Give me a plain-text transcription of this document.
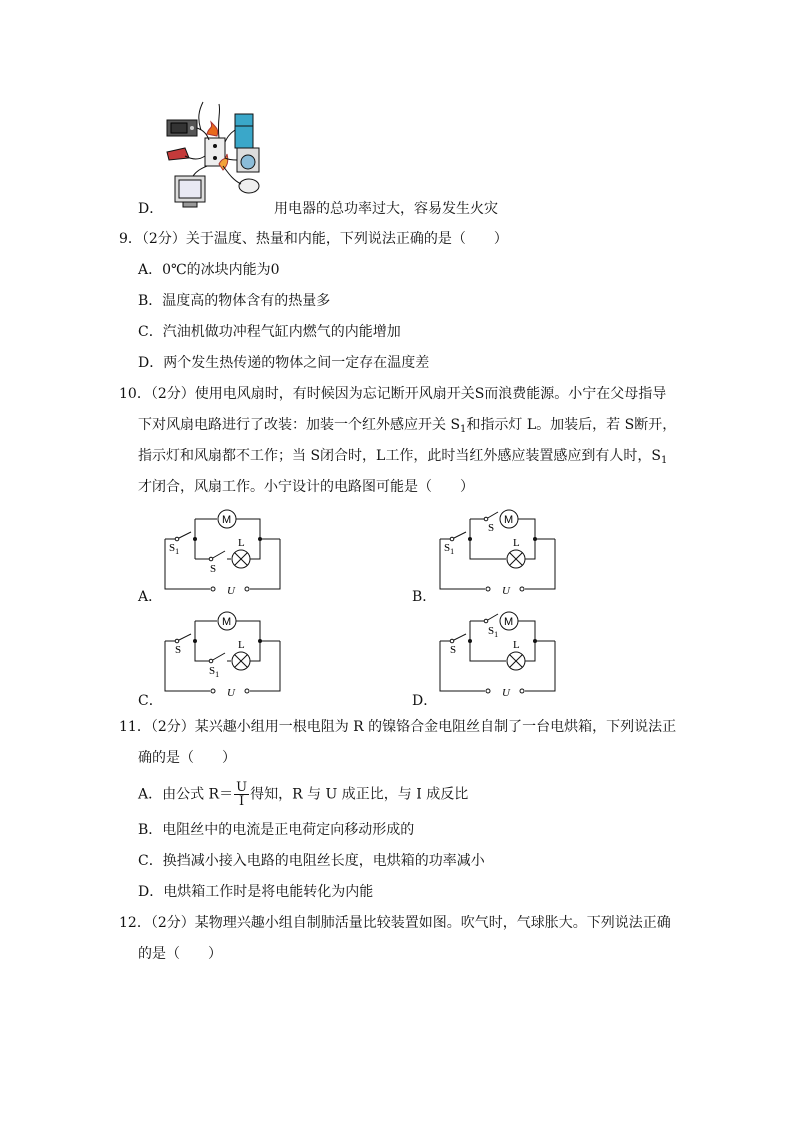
D．	用电器的总功率过大，容易发生火灾
9．（2分）关于温度、热量和内能，下列说法正确的是（　　）
A．0℃的冰块内能为0
B．温度高的物体含有的热量多
C．汽油机做功冲程气缸内燃气的内能增加
D．两个发生热传递的物体之间一定存在温度差
10．（2分）使用电风扇时，有时候因为忘记断开风扇开关S而浪费能源。小宁在父母指导
下对风扇电路进行了改装：加装一个红外感应开关 $S_1$和指示灯 L。加装后，若 S断开，
指示灯和风扇都不工作；当 S闭合时，L工作，此时当红外感应装置感应到有人时，$S_1$
才闭合，风扇工作。小宁设计的电路图可能是（　　）
M
L
$S_1$
S
U
A．
M
L
$S_1$
S
U
B．
M
L
S
$S_1$
U
C．
M
L
S
$S_1$
U
D．
11．（2分）某兴趣小组用一根电阻为 R 的镍铬合金电阻丝自制了一台电烘箱，下列说法正
确的是（　　）
A．由公式 $R= \frac{U}{I}$ 得知，R 与 U 成正比，与 I 成反比
B．电阻丝中的电流是正电荷定向移动形成的
C．换挡减小接入电路的电阻丝长度，电烘箱的功率减小
D．电烘箱工作时是将电能转化为内能
12．（2分）某物理兴趣小组自制肺活量比较装置如图。吹气时，气球胀大。下列说法正确
的是（　　）
